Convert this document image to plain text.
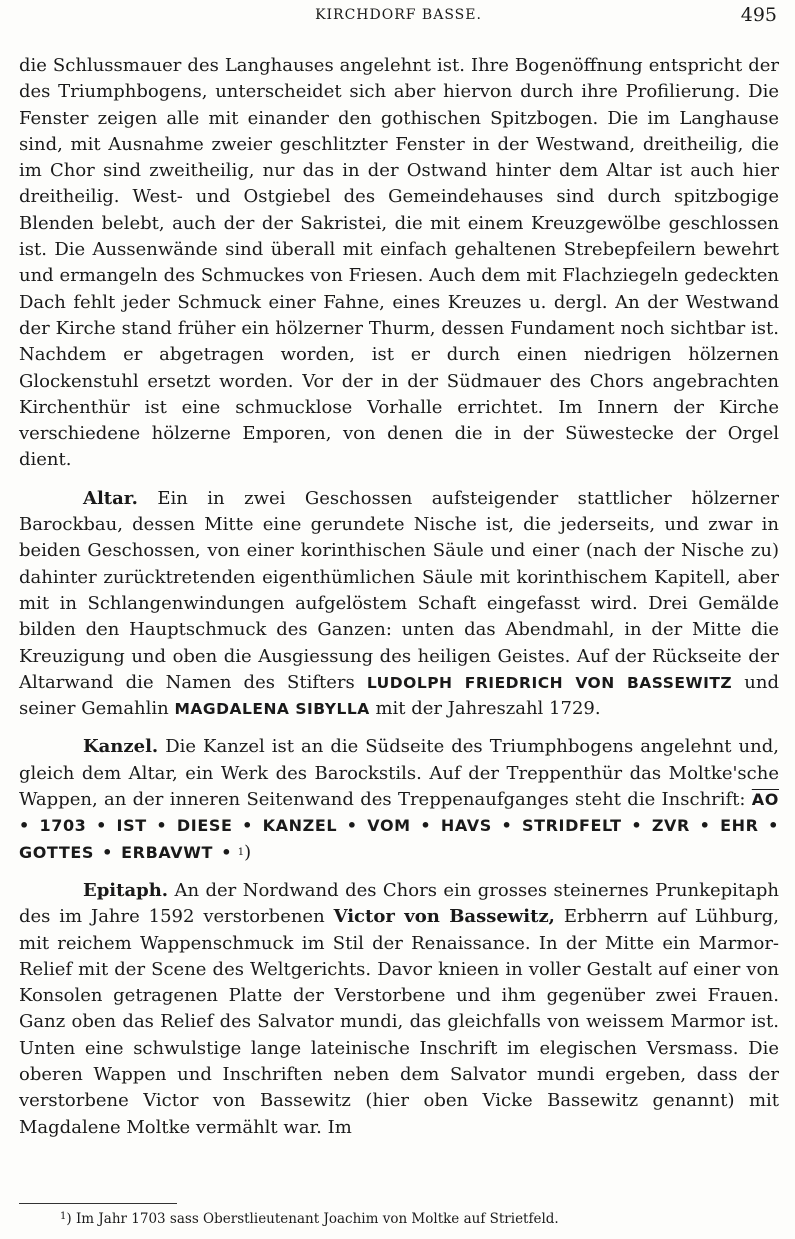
KIRCHDORF BASSE.	495

die Schlussmauer des Langhauses angelehnt ist. Ihre Bogenöffnung entspricht der des Triumphbogens, unterscheidet sich aber hiervon durch ihre Profilierung. Die Fenster zeigen alle mit einander den gothischen Spitzbogen. Die im Langhause sind, mit Ausnahme zweier geschlitzter Fenster in der Westwand, dreitheilig, die im Chor sind zweitheilig, nur das in der Ostwand hinter dem Altar ist auch hier dreitheilig. West- und Ostgiebel des Gemeindehauses sind durch spitzbogige Blenden belebt, auch der der Sakristei, die mit einem Kreuzgewölbe geschlossen ist. Die Aussenwände sind überall mit einfach gehaltenen Strebepfeilern bewehrt und ermangeln des Schmuckes von Friesen. Auch dem mit Flachziegeln gedeckten Dach fehlt jeder Schmuck einer Fahne, eines Kreuzes u. dergl. An der Westwand der Kirche stand früher ein hölzerner Thurm, dessen Fundament noch sichtbar ist. Nachdem er abgetragen worden, ist er durch einen niedrigen hölzernen Glockenstuhl ersetzt worden. Vor der in der Südmauer des Chors angebrachten Kirchenthür ist eine schmucklose Vorhalle errichtet. Im Innern der Kirche verschiedene hölzerne Emporen, von denen die in der Süwestecke der Orgel dient.

Altar. Ein in zwei Geschossen aufsteigender stattlicher hölzerner Barockbau, dessen Mitte eine gerundete Nische ist, die jederseits, und zwar in beiden Geschossen, von einer korinthischen Säule und einer (nach der Nische zu) dahinter zurücktretenden eigenthümlichen Säule mit korinthischem Kapitell, aber mit in Schlangenwindungen aufgelöstem Schaft eingefasst wird. Drei Gemälde bilden den Hauptschmuck des Ganzen: unten das Abendmahl, in der Mitte die Kreuzigung und oben die Ausgiessung des heiligen Geistes. Auf der Rückseite der Altarwand die Namen des Stifters LUDOLPH FRIEDRICH VON BASSEWITZ und seiner Gemahlin MAGDALENA SIBYLLA mit der Jahreszahl 1729.

Kanzel. Die Kanzel ist an die Südseite des Triumphbogens angelehnt und, gleich dem Altar, ein Werk des Barockstils. Auf der Treppenthür das Moltke'sche Wappen, an der inneren Seitenwand des Treppenaufganges steht die Inschrift: $\overline{AO}$ • 1703 • IST • DIESE • KANZEL • VOM • HAVS • STRIDFELT • ZVR • EHR • GOTTES • ERBAVWT • $^1$)

Epitaph. An der Nordwand des Chors ein grosses steinernes Prunkepitaph des im Jahre 1592 verstorbenen Victor von Bassewitz, Erbherrn auf Lühburg, mit reichem Wappenschmuck im Stil der Renaissance. In der Mitte ein Marmor-Relief mit der Scene des Weltgerichts. Davor knieen in voller Gestalt auf einer von Konsolen getragenen Platte der Verstorbene und ihm gegenüber zwei Frauen. Ganz oben das Relief des Salvator mundi, das gleichfalls von weissem Marmor ist. Unten eine schwulstige lange lateinische Inschrift im elegischen Versmass. Die oberen Wappen und Inschriften neben dem Salvator mundi ergeben, dass der verstorbene Victor von Bassewitz (hier oben Vicke Bassewitz genannt) mit Magdalene Moltke vermählt war. Im

$^1$) Im Jahr 1703 sass Oberstlieutenant Joachim von Moltke auf Strietfeld.
